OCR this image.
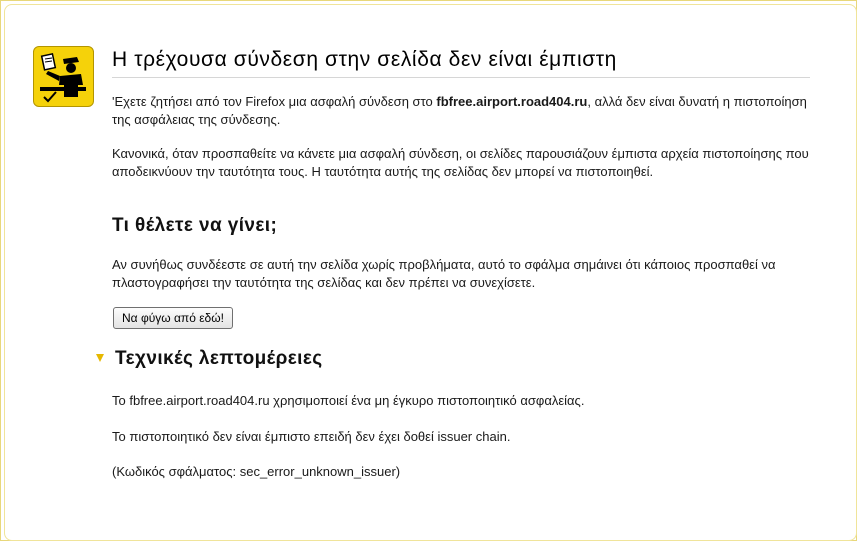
Η τρέχουσα σύνδεση στην σελίδα δεν είναι έμπιστη

'Εχετε ζητήσει από τον Firefox μια ασφαλή σύνδεση στο fbfree.airport.road404.ru, αλλά δεν είναι δυνατή η πιστοποίηση της ασφάλειας της σύνδεσης.

Κανονικά, όταν προσπαθείτε να κάνετε μια ασφαλή σύνδεση, οι σελίδες παρουσιάζουν έμπιστα αρχεία πιστοποίησης που αποδεικνύουν την ταυτότητα τους. Η ταυτότητα αυτής της σελίδας δεν μπορεί να πιστοποιηθεί.

Τι θέλετε να γίνει;

Αν συνήθως συνδέεστε σε αυτή την σελίδα χωρίς προβλήματα, αυτό το σφάλμα σημάινει ότι κάποιος προσπαθεί να πλαστογραφήσει την ταυτότητα της σελίδας και δεν πρέπει να συνεχίσετε.

Να φύγω από εδώ!
Τεχνικές λεπτομέρειες

Το fbfree.airport.road404.ru χρησιμοποιεί ένα μη έγκυρο πιστοποιητικό ασφαλείας.

Το πιστοποιητικό δεν είναι έμπιστο επειδή δεν έχει δοθεί issuer chain.

(Κωδικός σφάλματος: sec_error_unknown_issuer)
